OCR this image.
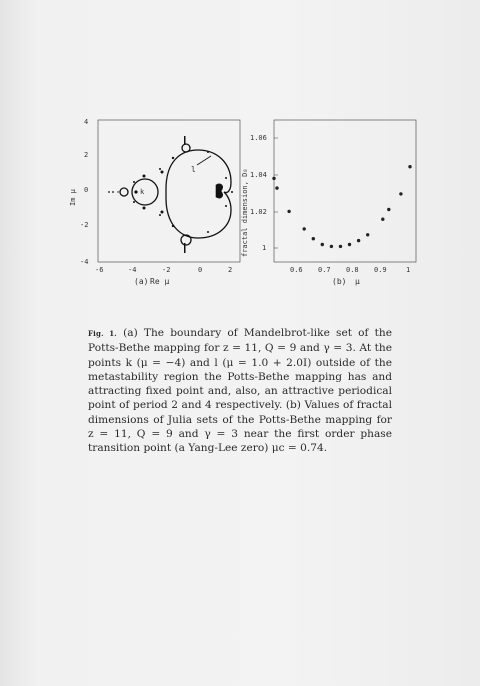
4
2
0
-2
-4
Im μ
-6	-4	-2	0	2
(a) Re μ
k
l	fractal dimension, D₀
1.06
1.04
1.02
1
0.6 0.7 0.8 0.9	1
(b) μ

Fig. 1. (a) The boundary of Mandelbrot-like set of the Potts-Bethe mapping for z = 11, Q = 9 and γ = 3. At the points k (μ = −4) and l (μ = 1.0 + 2.0I) outside of the metastability region the Potts-Bethe mapping has and attracting fixed point and, also, an attractive periodical point of period 2 and 4 respectively. (b) Values of fractal dimensions of Julia sets of the Potts-Bethe mapping for z = 11, Q = 9 and γ = 3 near the first order phase transition point (a Yang-Lee zero) μc = 0.74.
